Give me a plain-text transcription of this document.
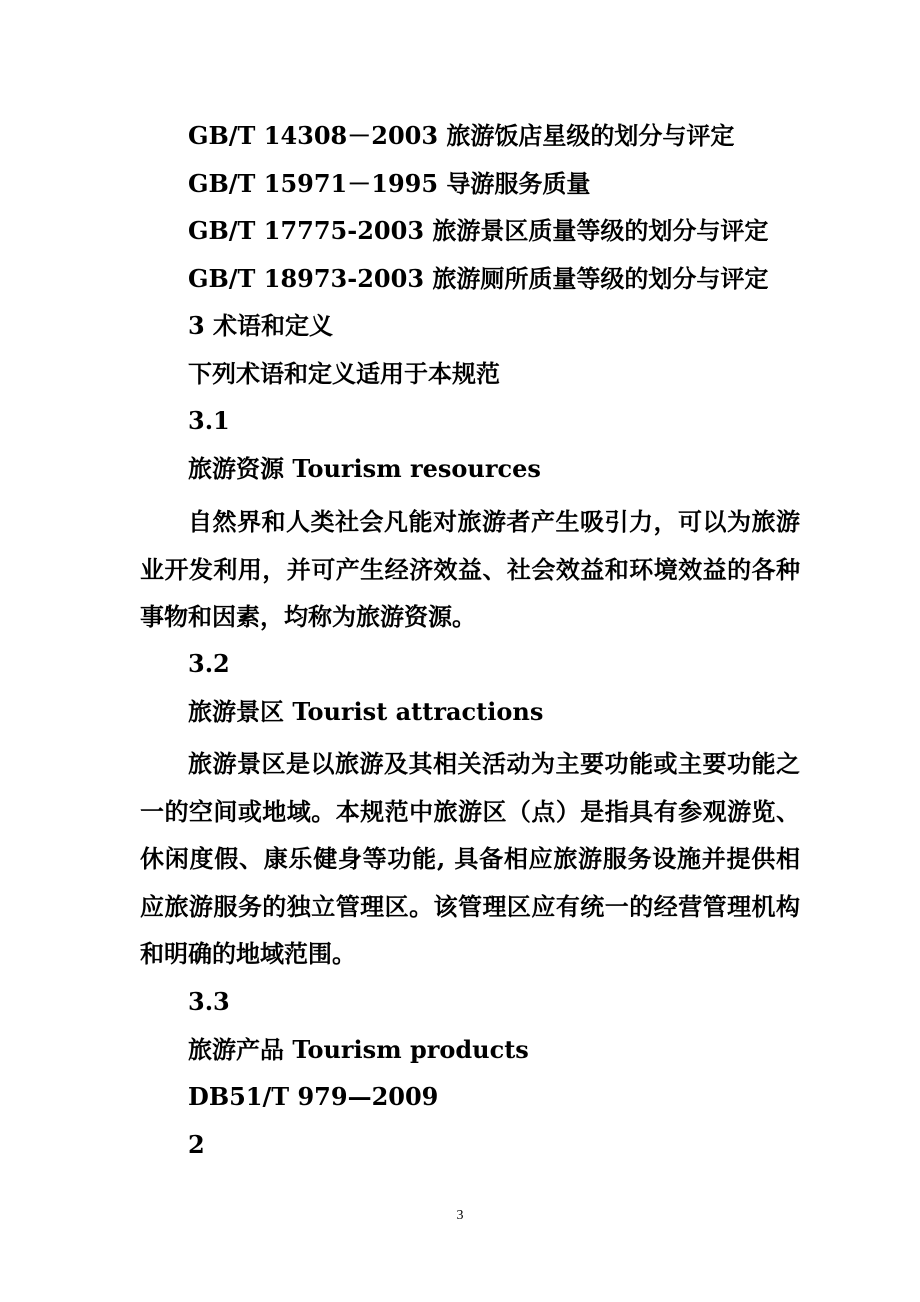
GB/T 14308－2003 旅游饭店星级的划分与评定
GB/T 15971－1995 导游服务质量
GB/T 17775-2003 旅游景区质量等级的划分与评定
GB/T 18973-2003 旅游厕所质量等级的划分与评定
3 术语和定义
下列术语和定义适用于本规范
3.1
旅游资源 Tourism resources

自然界和人类社会凡能对旅游者产生吸引力，可以为旅游业开发利用，并可产生经济效益、社会效益和环境效益的各种事物和因素，均称为旅游资源。

3.2
旅游景区 Tourist attractions

旅游景区是以旅游及其相关活动为主要功能或主要功能之一的空间或地域。本规范中旅游区（点）是指具有参观游览、休闲度假、康乐健身等功能, 具备相应旅游服务设施并提供相应旅游服务的独立管理区。该管理区应有统一的经营管理机构和明确的地域范围。

3.3
旅游产品 Tourism products
DB51/T 979—2009
2
3
